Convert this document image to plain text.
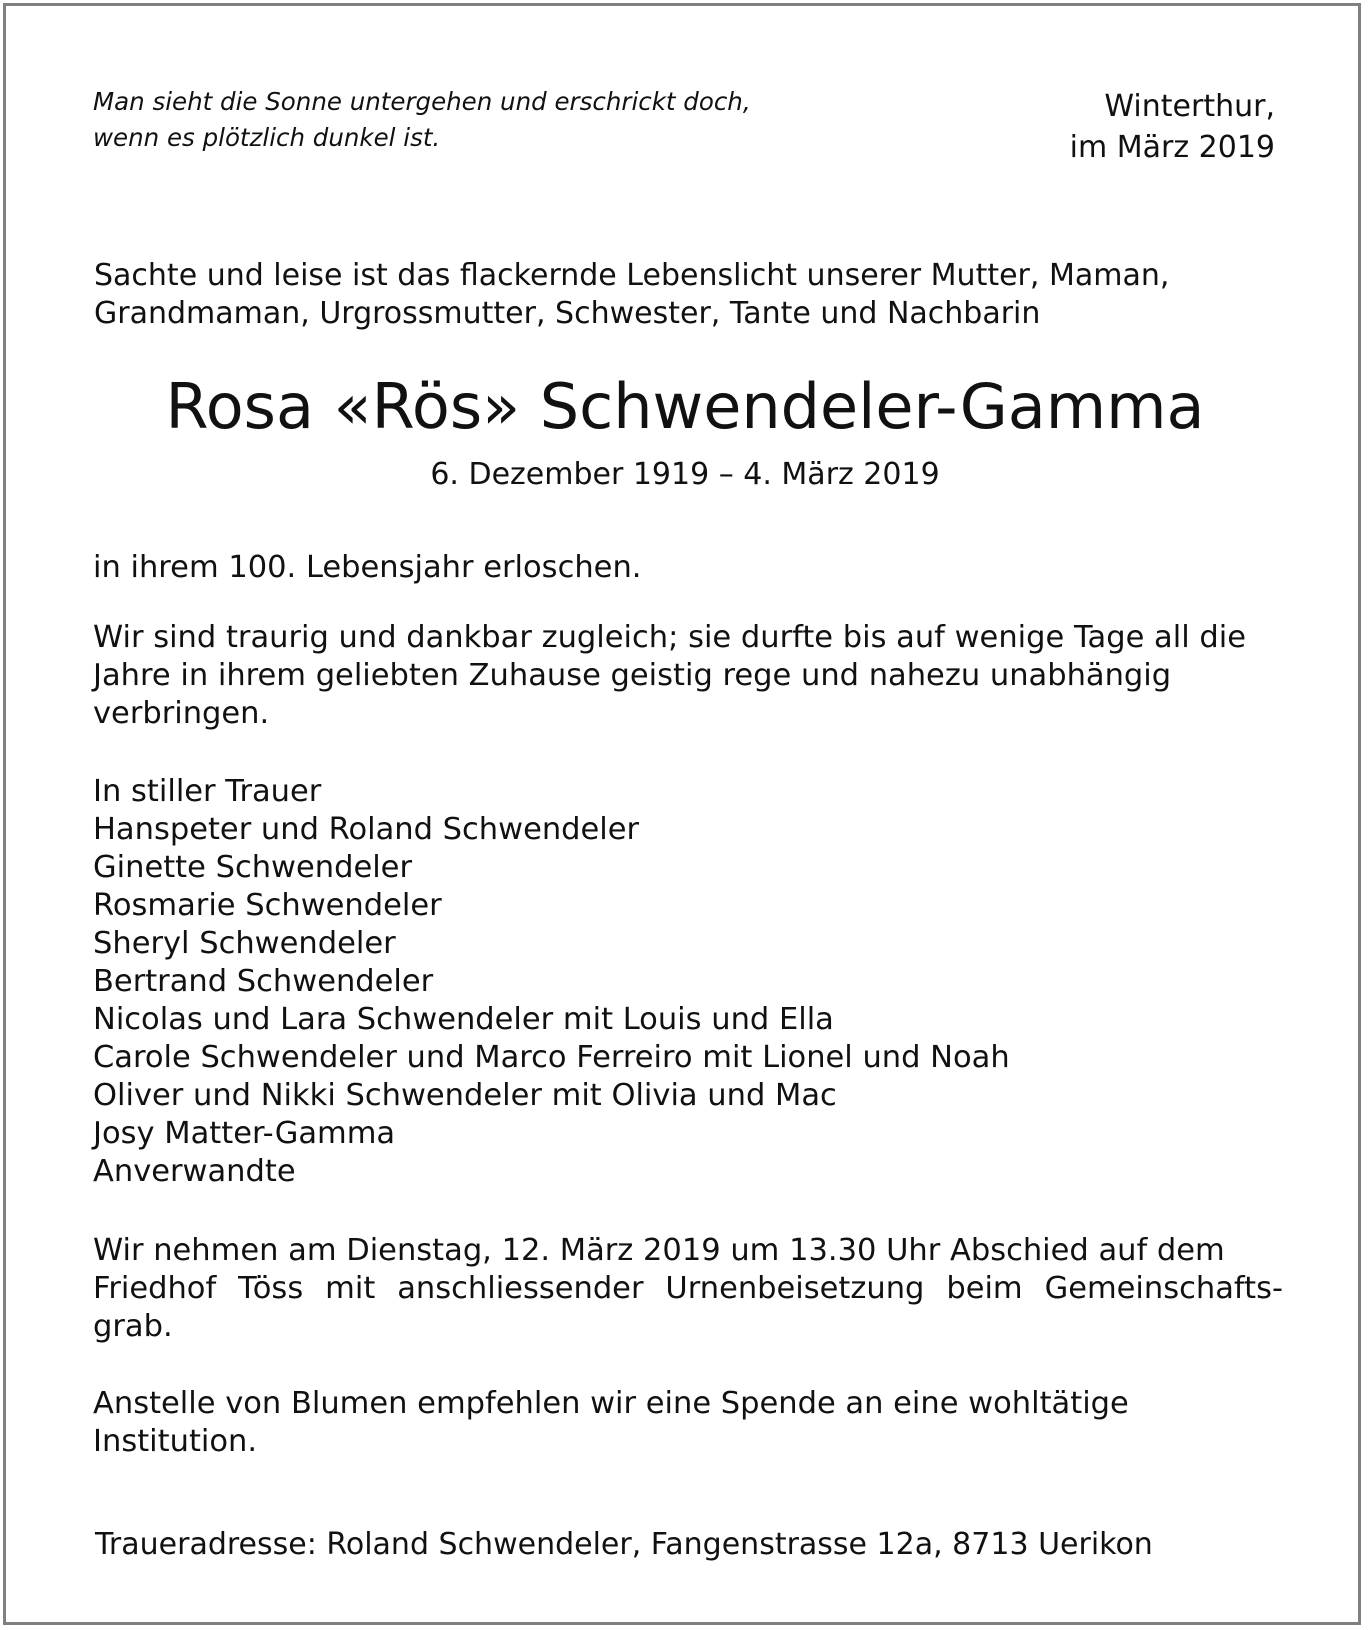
Man sieht die Sonne untergehen und erschrickt doch,
wenn es plötzlich dunkel ist.
Winterthur,
im März 2019
Sachte und leise ist das flackernde Lebenslicht unserer Mutter, Maman,
Grandmaman, Urgrossmutter, Schwester, Tante und Nachbarin
Rosa «Rös» Schwendeler-Gamma
6. Dezember 1919 – 4. März 2019
in ihrem 100. Lebensjahr erloschen.
Wir sind traurig und dankbar zugleich; sie durfte bis auf wenige Tage all die
Jahre in ihrem geliebten Zuhause geistig rege und nahezu unabhängig
verbringen.
In stiller Trauer
Hanspeter und Roland Schwendeler
Ginette Schwendeler
Rosmarie Schwendeler
Sheryl Schwendeler
Bertrand Schwendeler
Nicolas und Lara Schwendeler mit Louis und Ella
Carole Schwendeler und Marco Ferreiro mit Lionel und Noah
Oliver und Nikki Schwendeler mit Olivia und Mac
Josy Matter-Gamma
Anverwandte
Wir nehmen am Dienstag, 12. März 2019 um 13.30 Uhr Abschied auf dem
Friedhof Töss mit anschliessender Urnenbeisetzung beim Gemeinschafts-
grab.
Anstelle von Blumen empfehlen wir eine Spende an eine wohltätige
Institution.
Traueradresse: Roland Schwendeler, Fangenstrasse 12a, 8713 Uerikon
